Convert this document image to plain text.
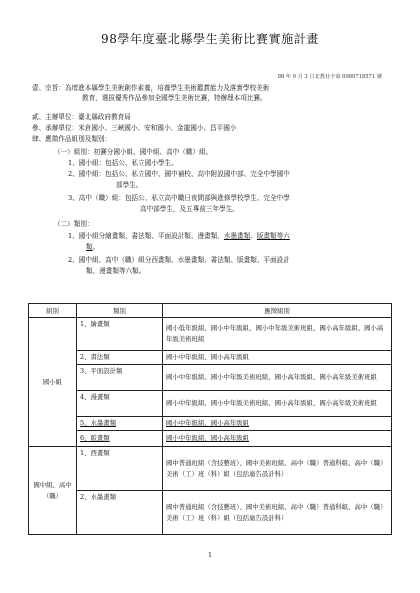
98學年度臺北縣學生美術比賽實施計畫
98 年 9 月 3 日北教社字第 0980718571 號
壹、宗旨：為增進本縣學生美術創作素養，培養學生美術鑑賞能力及落實學校美術
教育，選拔優秀作品參加全國學生美術比賽，特辦理本項比賽。
貳、主辦單位：臺北縣政府教育局
參、承辦單位：米倉國小、三峽國小、安和國小、金龍國小、昌平國小
肆、應徵作品組別及類別：
（一）組別：初賽分國小組、國中組、高中（職）組。
1、國小組：包括公、私立國小學生。
2、國中組：包括公、私立國中、國中補校、高中附設國中部、完全中學國中
部學生。
3、高中（職）組：包括公、私立高中職日夜間部與進修學校學生、完全中學
高中部學生，及五專前三年學生。
（二）類別：
1、國小組分繪畫類、書法類、平面設計類、漫畫類、水墨畫類、版畫類等六
類。
2、國中組、高中（職）組分西畫類、水墨畫類、書法類、版畫類、平面設計
類、漫畫類等六類。
組別	類別	應徵組別
國小組	1、繪畫類	國小低年級組、國小中年級組、國小中年級美術班組、國小高年級組、國小高年級美術班組
	2、書法類	國小中年級組、國小高年級組
	3、平面設計類	國小中年級組、國小中年級美術班組、國小高年級組、國小高年級美術班組
	4、漫畫類	國小中年級組、國小中年級美術班組、國小高年級組、國小高年級美術班組
	5、水墨畫類	國小中年級組、國小高年級組
	6、版畫類	國小中年級組、國小高年級組
國中組、高中（職）	1、西畫類	國中普通班組（含技藝班）、國中美術班組、高中（職）普通科組、高中（職）美術（工）班（科）組（包括廣告設計科）
	2、水墨畫類	國中普通班組（含技藝班）、國中美術班組、高中（職）普通科組、高中（職）美術（工）班（科）組（包括廣告設計科）
1
